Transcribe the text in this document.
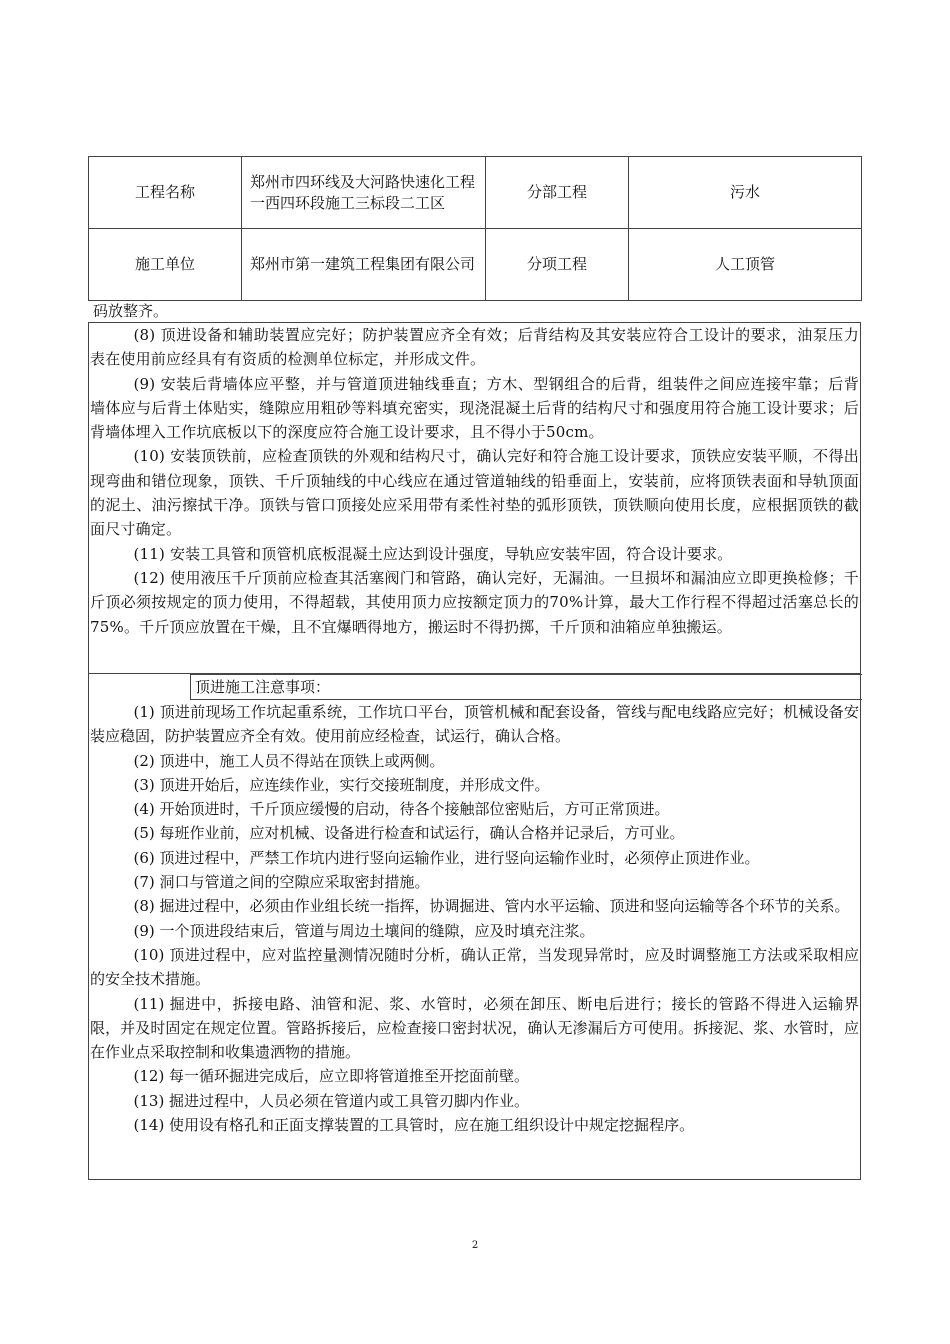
工程名称	郑州市四环线及大河路快速化工程一西四环段施工三标段二工区	分部工程	污水
施工单位	郑州市第一建筑工程集团有限公司	分项工程	人工顶管
码放整齐。

(8) 顶进设备和辅助装置应完好；防护装置应齐全有效；后背结构及其安装应符合工设计的要求，油泵压力表在使用前应经具有有资质的检测单位标定，并形成文件。

(9) 安装后背墙体应平整，并与管道顶进轴线垂直；方木、型钢组合的后背，组装件之间应连接牢靠；后背墙体应与后背土体贴实，缝隙应用粗砂等料填充密实，现浇混凝土后背的结构尺寸和强度用符合施工设计要求；后背墙体埋入工作坑底板以下的深度应符合施工设计要求，且不得小于50cm。

(10) 安装顶铁前，应检查顶铁的外观和结构尺寸，确认完好和符合施工设计要求，顶铁应安装平顺，不得出现弯曲和错位现象，顶铁、千斤顶轴线的中心线应在通过管道轴线的铅垂面上，安装前，应将顶铁表面和导轨顶面的泥土、油污擦拭干净。顶铁与管口顶接处应采用带有柔性衬垫的弧形顶铁，顶铁顺向使用长度，应根据顶铁的截面尺寸确定。

(11) 安装工具管和顶管机底板混凝土应达到设计强度，导轨应安装牢固，符合设计要求。

(12) 使用液压千斤顶前应检查其活塞阀门和管路，确认完好，无漏油。一旦损坏和漏油应立即更换检修；千斤顶必须按规定的顶力使用，不得超载，其使用顶力应按额定顶力的70%计算，最大工作行程不得超过活塞总长的75%。千斤顶应放置在干燥，且不宜爆晒得地方，搬运时不得扔掷，千斤顶和油箱应单独搬运。

顶进施工注意事项：

(1) 顶进前现场工作坑起重系统，工作坑口平台，顶管机械和配套设备，管线与配电线路应完好；机械设备安装应稳固，防护装置应齐全有效。使用前应经检查，试运行，确认合格。

(2) 顶进中，施工人员不得站在顶铁上或两侧。

(3) 顶进开始后，应连续作业，实行交接班制度，并形成文件。

(4) 开始顶进时，千斤顶应缓慢的启动，待各个接触部位密贴后，方可正常顶进。

(5) 每班作业前，应对机械、设备进行检查和试运行，确认合格并记录后，方可业。

(6) 顶进过程中，严禁工作坑内进行竖向运输作业，进行竖向运输作业时，必须停止顶进作业。

(7) 洞口与管道之间的空隙应采取密封措施。

(8) 掘进过程中，必须由作业组长统一指挥，协调掘进、管内水平运输、顶进和竖向运输等各个环节的关系。

(9) 一个顶进段结束后，管道与周边土壤间的缝隙，应及时填充注浆。

(10) 顶进过程中，应对监控量测情况随时分析，确认正常，当发现异常时，应及时调整施工方法或采取相应的安全技术措施。

(11) 掘进中，拆接电路、油管和泥、浆、水管时，必须在卸压、断电后进行；接长的管路不得进入运输界限，并及时固定在规定位置。管路拆接后，应检查接口密封状况，确认无渗漏后方可使用。拆接泥、浆、水管时，应在作业点采取控制和收集遗洒物的措施。

(12) 每一循环掘进完成后，应立即将管道推至开挖面前壁。

(13) 掘进过程中，人员必须在管道内或工具管刃脚内作业。

(14) 使用设有格孔和正面支撑装置的工具管时，应在施工组织设计中规定挖掘程序。

2
